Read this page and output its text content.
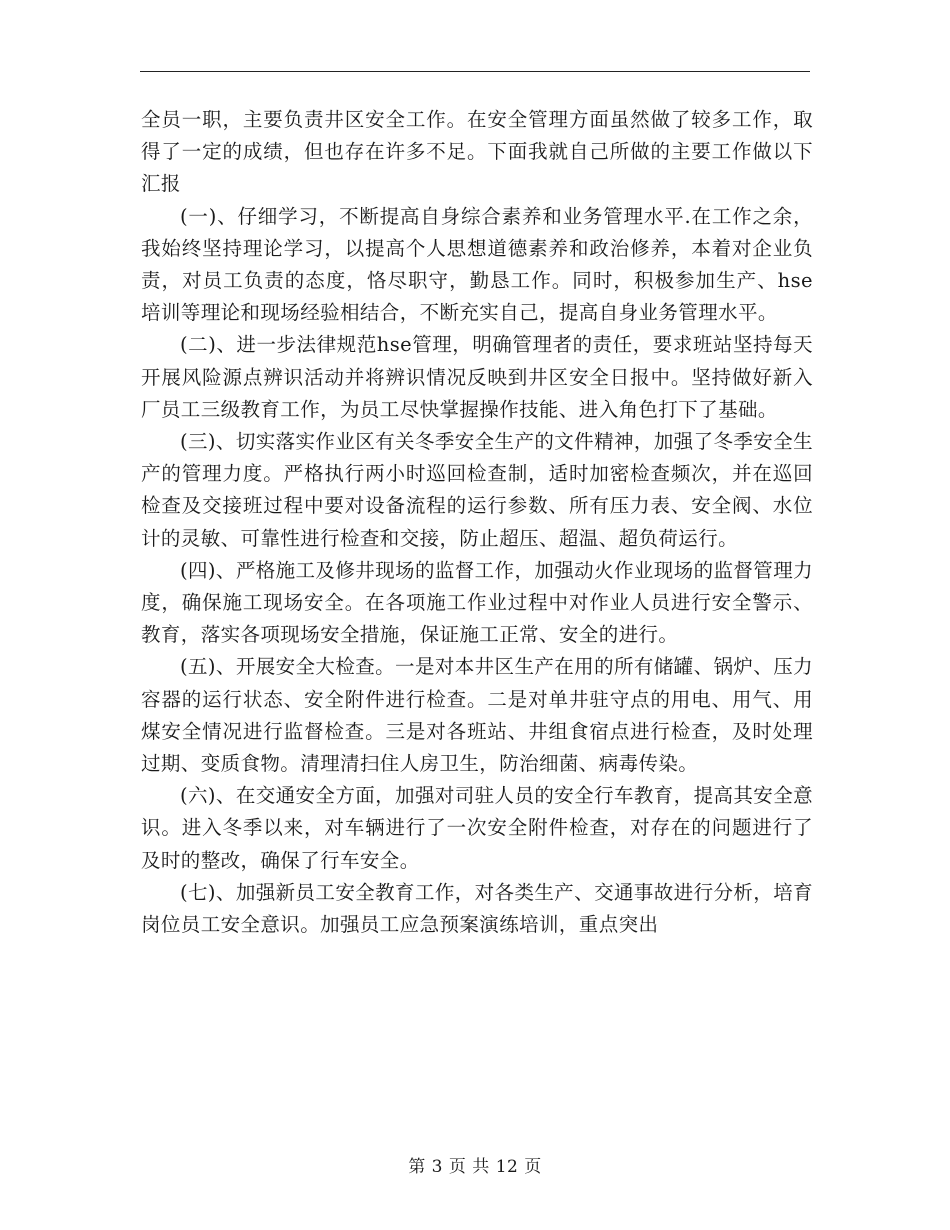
全员一职，主要负责井区安全工作。在安全管理方面虽然做了较多工作，取得了一定的成绩，但也存在许多不足。下面我就自己所做的主要工作做以下汇报

(一)、仔细学习，不断提高自身综合素养和业务管理水平.在工作之余，我始终坚持理论学习，以提高个人思想道德素养和政治修养，本着对企业负责，对员工负责的态度，恪尽职守，勤恳工作。同时，积极参加生产、hse培训等理论和现场经验相结合，不断充实自己，提高自身业务管理水平。

(二)、进一步法律规范hse管理，明确管理者的责任，要求班站坚持每天开展风险源点辨识活动并将辨识情况反映到井区安全日报中。坚持做好新入厂员工三级教育工作，为员工尽快掌握操作技能、进入角色打下了基础。

(三)、切实落实作业区有关冬季安全生产的文件精神，加强了冬季安全生产的管理力度。严格执行两小时巡回检查制，适时加密检查频次，并在巡回检查及交接班过程中要对设备流程的运行参数、所有压力表、安全阀、水位计的灵敏、可靠性进行检查和交接，防止超压、超温、超负荷运行。

(四)、严格施工及修井现场的监督工作，加强动火作业现场的监督管理力度，确保施工现场安全。在各项施工作业过程中对作业人员进行安全警示、教育，落实各项现场安全措施，保证施工正常、安全的进行。

(五)、开展安全大检查。一是对本井区生产在用的所有储罐、锅炉、压力容器的运行状态、安全附件进行检查。二是对单井驻守点的用电、用气、用煤安全情况进行监督检查。三是对各班站、井组食宿点进行检查，及时处理过期、变质食物。清理清扫住人房卫生，防治细菌、病毒传染。

(六)、在交通安全方面，加强对司驻人员的安全行车教育，提高其安全意识。进入冬季以来，对车辆进行了一次安全附件检查，对存在的问题进行了及时的整改，确保了行车安全。

(七)、加强新员工安全教育工作，对各类生产、交通事故进行分析，培育岗位员工安全意识。加强员工应急预案演练培训，重点突出

第 3 页 共 12 页
